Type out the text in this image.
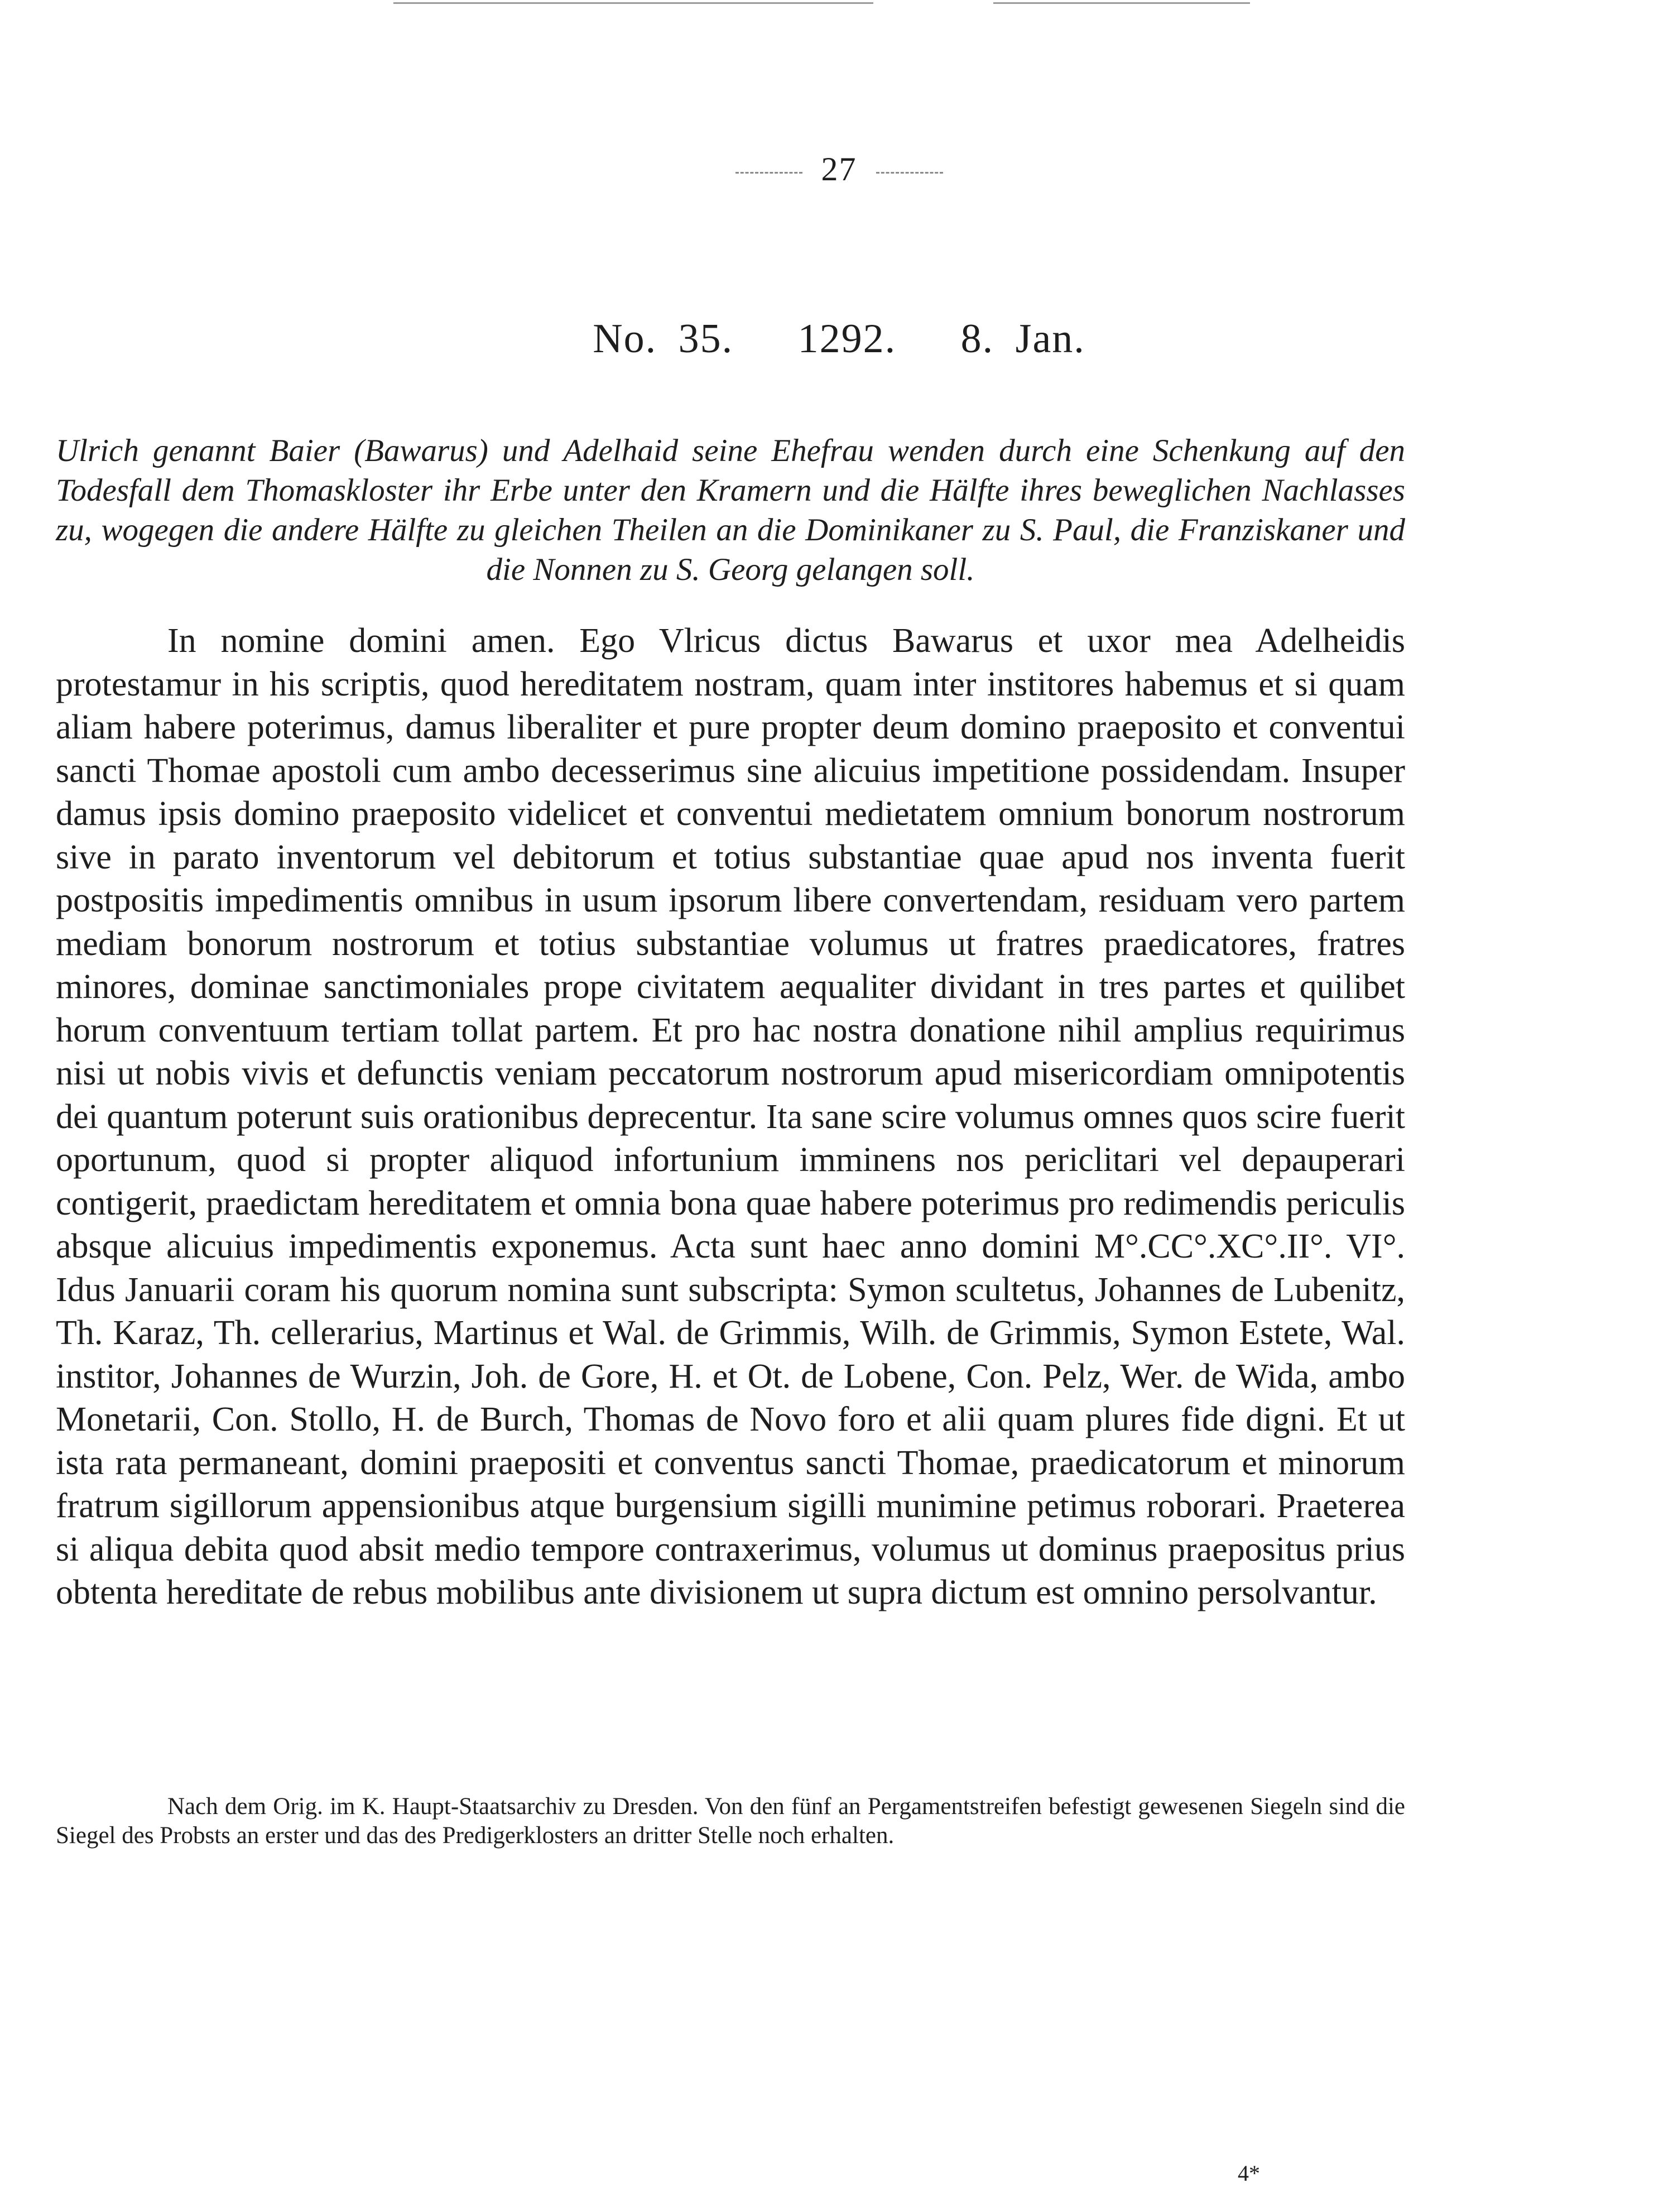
27
No. 35.   1292.   8. Jan.

Ulrich genannt Baier (Bawarus) und Adelhaid seine Ehefrau wenden durch eine Schenkung auf den Todesfall dem Thomaskloster ihr Erbe unter den Kramern und die Hälfte ihres beweglichen Nachlasses zu, wogegen die andere Hälfte zu gleichen Theilen an die Dominikaner zu S. Paul, die Franziskaner und die Nonnen zu S. Georg gelangen soll.

In nomine domini amen. Ego Vlricus dictus Bawarus et uxor mea Adelheidis protestamur in his scriptis, quod hereditatem nostram, quam inter institores habemus et si quam aliam habere poterimus, damus liberaliter et pure propter deum domino praeposito et conventui sancti Thomae apostoli cum ambo decesserimus sine alicuius impetitione possidendam. Insuper damus ipsis domino praeposito videlicet et conventui medietatem omnium bonorum nostrorum sive in parato inventorum vel debitorum et totius substantiae quae apud nos inventa fuerit postpositis impedimentis omnibus in usum ipsorum libere convertendam, residuam vero partem mediam bonorum nostrorum et totius substantiae volumus ut fratres praedicatores, fratres minores, dominae sanctimoniales prope civitatem aequaliter dividant in tres partes et quilibet horum conventuum tertiam tollat partem. Et pro hac nostra donatione nihil amplius requirimus nisi ut nobis vivis et defunctis veniam peccatorum nostrorum apud misericordiam omnipotentis dei quantum poterunt suis orationibus deprecentur. Ita sane scire volumus omnes quos scire fuerit oportunum, quod si propter aliquod infortunium imminens nos periclitari vel depauperari contigerit, praedictam hereditatem et omnia bona quae habere poterimus pro redimendis periculis absque alicuius impedimentis exponemus. Acta sunt haec anno domini M°.CC°.XC°.II°. VI°. Idus Januarii coram his quorum nomina sunt subscripta: Symon scultetus, Johannes de Lubenitz, Th. Karaz, Th. cellerarius, Martinus et Wal. de Grimmis, Wilh. de Grimmis, Symon Estete, Wal. institor, Johannes de Wurzin, Joh. de Gore, H. et Ot. de Lobene, Con. Pelz, Wer. de Wida, ambo Monetarii, Con. Stollo, H. de Burch, Thomas de Novo foro et alii quam plures fide digni. Et ut ista rata permaneant, domini praepositi et conventus sancti Thomae, praedicatorum et minorum fratrum sigillorum appensionibus atque burgensium sigilli munimine petimus roborari. Praeterea si aliqua debita quod absit medio tempore contraxerimus, volumus ut dominus praepositus prius obtenta hereditate de rebus mobilibus ante divisionem ut supra dictum est omnino persolvantur.

Nach dem Orig. im K. Haupt-Staatsarchiv zu Dresden. Von den fünf an Pergamentstreifen befestigt gewesenen Siegeln sind die Siegel des Probsts an erster und das des Predigerklosters an dritter Stelle noch erhalten.

4*
